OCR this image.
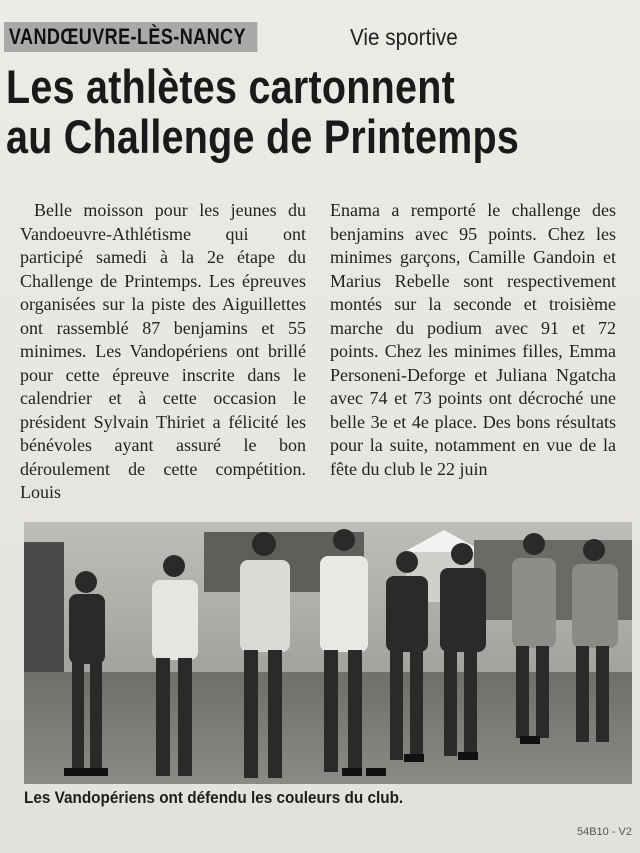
VANDŒUVRE-LÈS-NANCY	Vie sportive
Les athlètes cartonnent
au Challenge de Printemps

Belle moisson pour les jeunes du Vandoeuvre-Athlétisme qui ont participé samedi à la 2e étape du Challenge de Printemps. Les épreuves organisées sur la piste des Aiguillettes ont rassemblé 87 benjamins et 55 minimes. Les Vandopériens ont brillé pour cette épreuve inscrite dans le calendrier et à cette occasion le président Sylvain Thiriet a félicité les bénévoles ayant assuré le bon déroulement de cette compétition. Louis

Enama a remporté le challenge des benjamins avec 95 points. Chez les minimes garçons, Camille Gandoin et Marius Rebelle sont respectivement montés sur la seconde et troisième marche du podium avec 91 et 72 points. Chez les minimes filles, Emma Personeni-Deforge et Juliana Ngatcha avec 74 et 73 points ont décroché une belle 3e et 4e place. Des bons résultats pour la suite, notamment en vue de la fête du club le 22 juin

Les Vandopériens ont défendu les couleurs du club.
54B10 - V2
